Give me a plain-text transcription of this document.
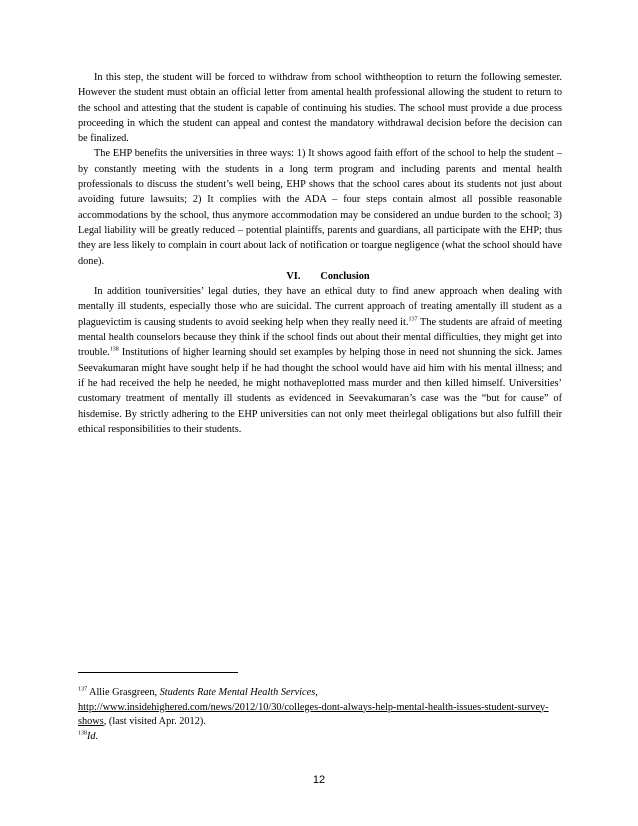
In this step, the student will be forced to withdraw from school withtheoption to return the following semester. However the student must obtain an official letter from amental health professional allowing the student to return to the school and attesting that the student is capable of continuing his studies. The school must provide a due process proceeding in which the student can appeal and contest the mandatory withdrawal decision before the decision can be finalized.

The EHP benefits the universities in three ways: 1) It shows agood faith effort of the school to help the student – by constantly meeting with the students in a long term program and including parents and mental health professionals to discuss the student’s well being, EHP shows that the school cares about its students not just about avoiding future lawsuits; 2) It complies with the ADA – four steps contain almost all possible reasonable accommodations by the school, thus anymore accommodation may be considered an undue burden to the school; 3) Legal liability will be greatly reduced – potential plaintiffs, parents and guardians, all participate with the EHP; thus they are less likely to complain in court about lack of notification or toargue negligence (what the school should have done).

VI. Conclusion

In addition touniversities’ legal duties, they have an ethical duty to find anew approach when dealing with mentally ill students, especially those who are suicidal. The current approach of treating amentally ill student as a plaguevictim is causing students to avoid seeking help when they really need it.$^{137}$ The students are afraid of meeting mental health counselors because they think if the school finds out about their mental difficulties, they might get into trouble.$^{138}$ Institutions of higher learning should set examples by helping those in need not shunning the sick. James Seevakumaran might have sought help if he had thought the school would have aid him with his mental illness; and if he had received the help he needed, he might nothaveplotted mass murder and then killed himself. Universities’ customary treatment of mentally ill students as evidenced in Seevakumaran’s case was the “but for cause” of hisdemise. By strictly adhering to the EHP universities can not only meet theirlegal obligations but also fulfill their ethical responsibilities to their students.

$^{137}$ Allie Grasgreen, Students Rate Mental Health Services,
http://www.insidehighered.com/news/2012/10/30/colleges-dont-always-help-mental-health-issues-student-survey-shows, (last visited Apr. 2012).

$^{138}$Id.

12
